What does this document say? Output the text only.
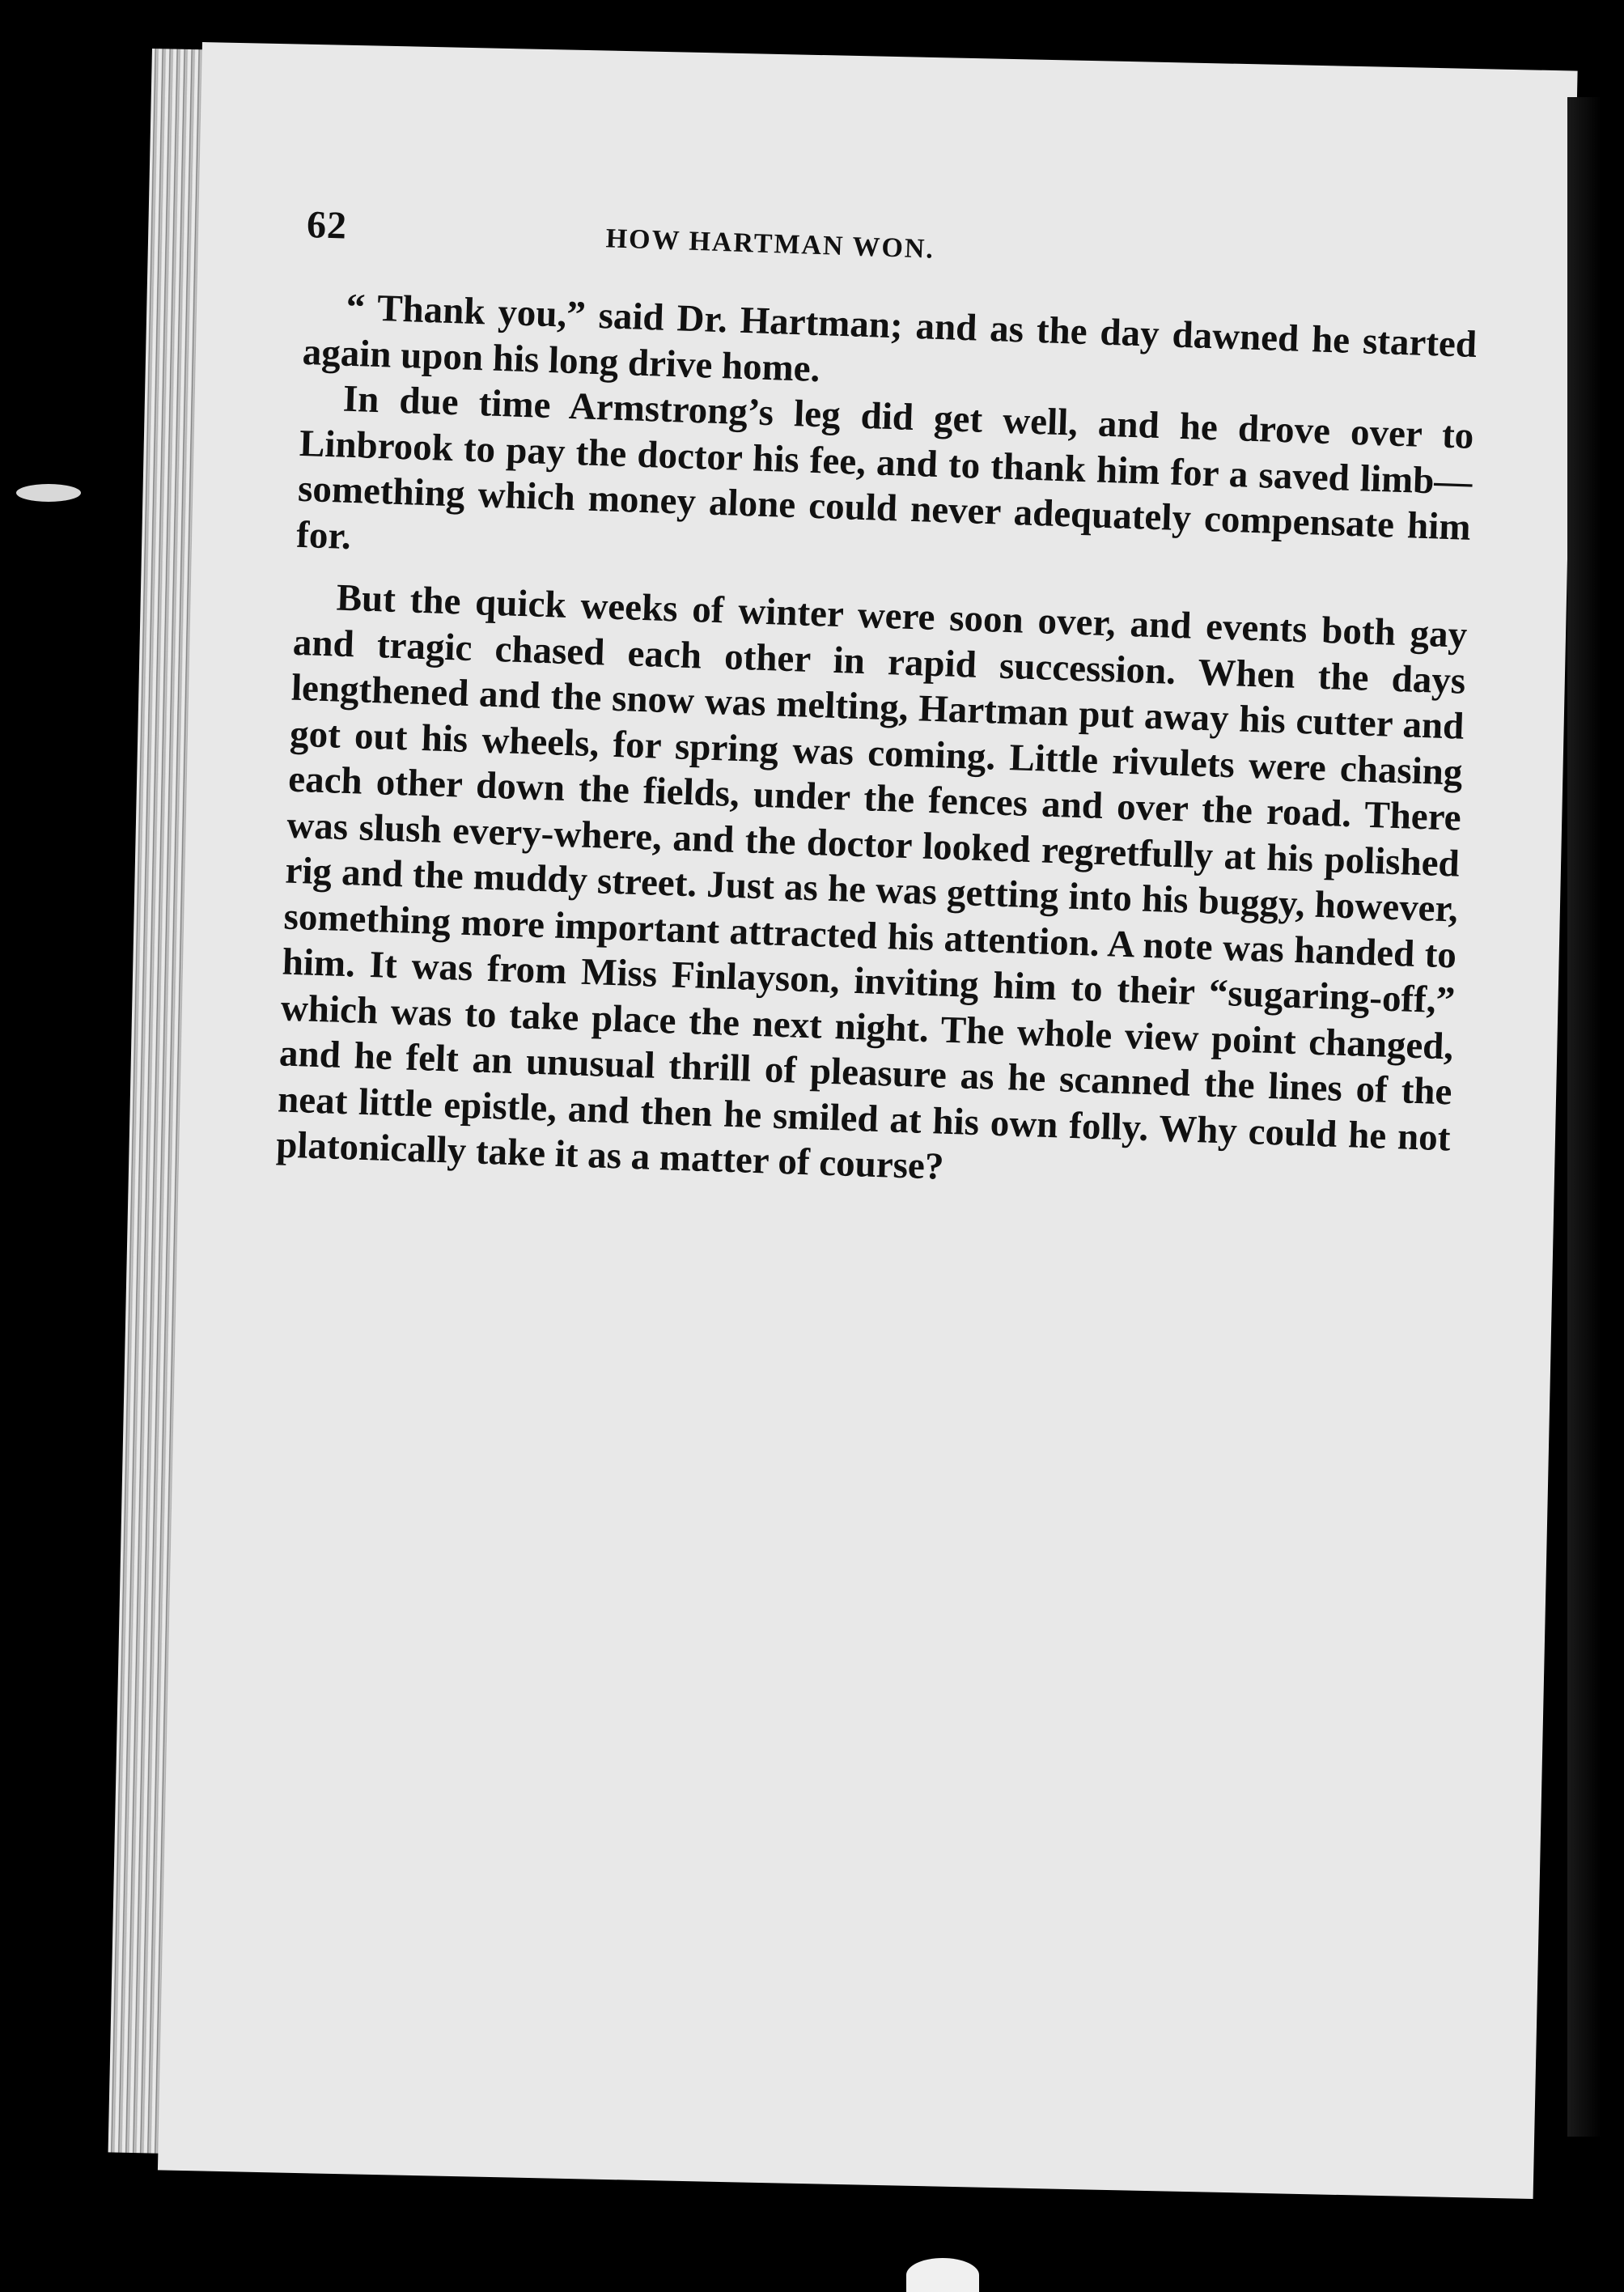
62	HOW HARTMAN WON.

“ Thank you,” said Dr. Hartman; and as the day dawned he started again upon his long drive home.

In due time Armstrong’s leg did get well, and he drove over to Linbrook to pay the doctor his fee, and to thank him for a saved limb—something which money alone could never adequately compensate him for.

But the quick weeks of winter were soon over, and events both gay and tragic chased each other in rapid succession. When the days lengthened and the snow was melting, Hartman put away his cutter and got out his wheels, for spring was coming. Little rivulets were chasing each other down the fields, under the fences and over the road. There was slush every-where, and the doctor looked regretfully at his polished rig and the muddy street. Just as he was getting into his buggy, however, something more important attracted his attention. A note was handed to him. It was from Miss Finlayson, inviting him to their “sugaring-off,” which was to take place the next night. The whole view point changed, and he felt an unusual thrill of pleasure as he scanned the lines of the neat little epistle, and then he smiled at his own folly. Why could he not platonically take it as a matter of course?
